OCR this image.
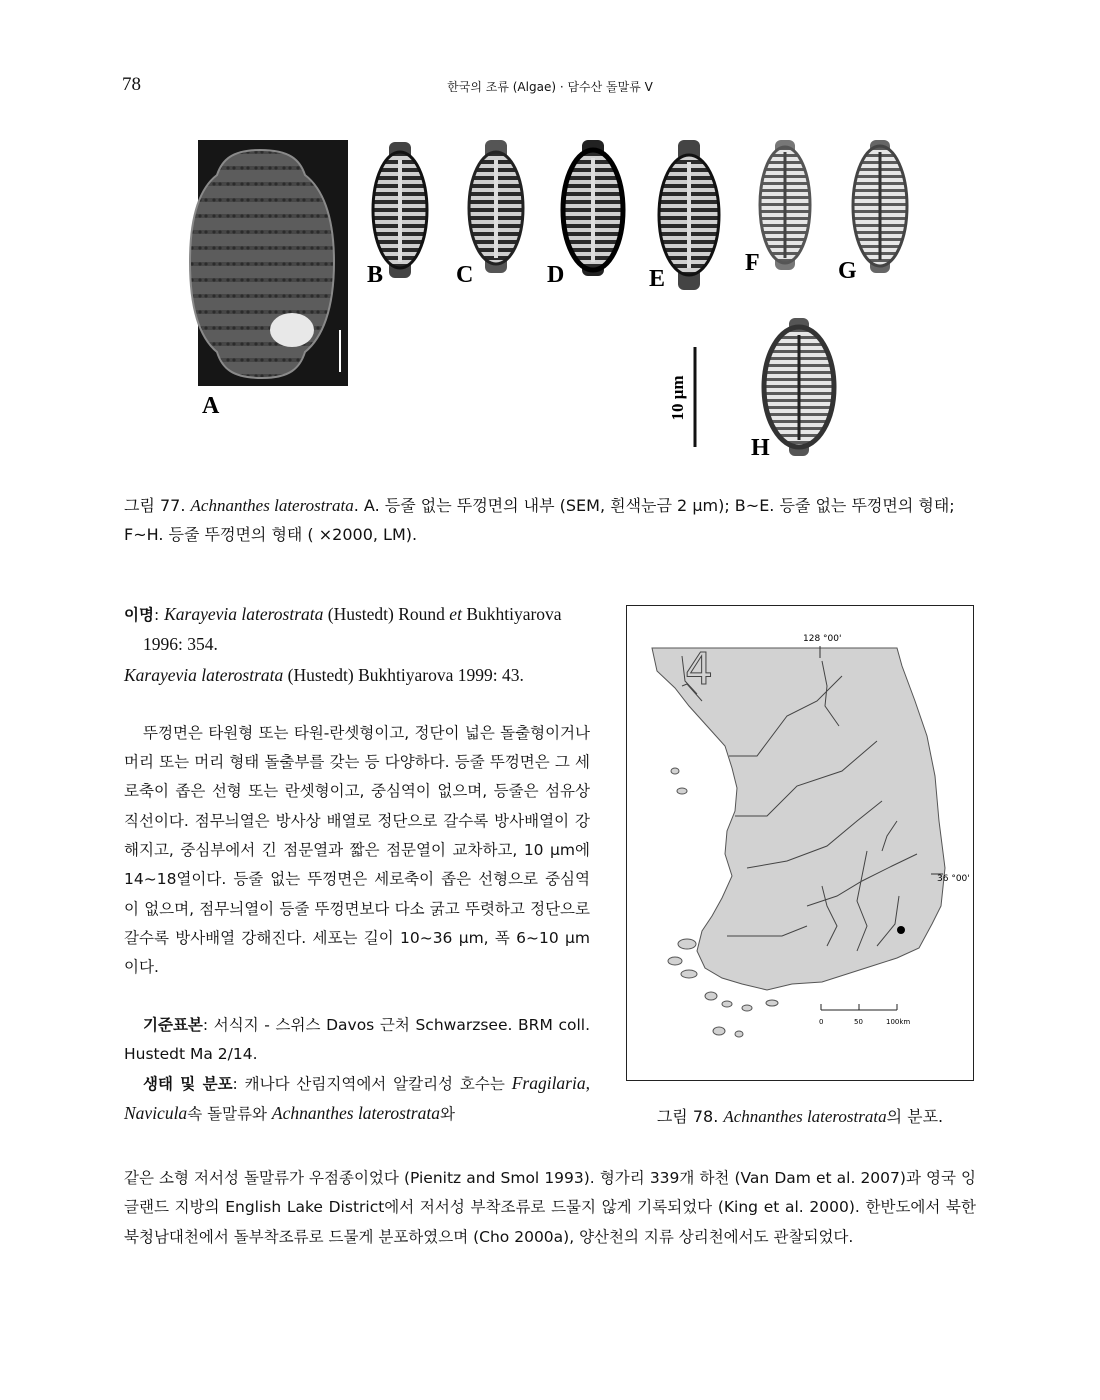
78	한국의 조류 (Algae) · 담수산 돌말류 V
10 μm
A
B	C	D	E
F	G
H
그림 77. Achnanthes laterostrata. A. 등줄 없는 뚜껑면의 내부 (SEM, 흰색눈금 2 μm); B~E. 등줄 없는 뚜껑면의 형태; F~H. 등줄 뚜껑면의 형태 ( ×2000, LM).

이명: Karayevia laterostrata (Hustedt) Round et Bukhtiyarova 1996: 354.

Karayevia laterostrata (Hustedt) Bukhtiyarova 1999: 43.

뚜껑면은 타원형 또는 타원-란셋형이고, 정단이 넓은 돌출형이거나 머리 또는 머리 형태 돌출부를 갖는 등 다양하다. 등줄 뚜껑면은 그 세로축이 좁은 선형 또는 란셋형이고, 중심역이 없으며, 등줄은 섬유상 직선이다. 점무늬열은 방사상 배열로 정단으로 갈수록 방사배열이 강해지고, 중심부에서 긴 점문열과 짧은 점문열이 교차하고, 10 μm에 14~18열이다. 등줄 없는 뚜껑면은 세로축이 좁은 선형으로 중심역이 없으며, 점무늬열이 등줄 뚜껑면보다 다소 굵고 뚜렷하고 정단으로 갈수록 방사배열 강해진다. 세포는 길이 10~36 μm, 폭 6~10 μm이다.

기준표본: 서식지 - 스위스 Davos 근처 Schwarzsee. BRM coll. Hustedt Ma 2/14.

생태 및 분포: 캐나다 산림지역에서 알칼리성 호수는 Fragilaria, Navicula속 돌말류와 Achnanthes laterostrata와

128 °00'
36 °00'
4
0	50	100km
그림 78. Achnanthes laterostrata의 분포.
같은 소형 저서성 돌말류가 우점종이었다 (Pienitz and Smol 1993). 형가리 339개 하천 (Van Dam et al. 2007)과 영국 잉글랜드 지방의 English Lake District에서 저서성 부착조류로 드물지 않게 기록되었다 (King et al. 2000). 한반도에서 북한 북청남대천에서 돌부착조류로 드물게 분포하였으며 (Cho 2000a), 양산천의 지류 상리천에서도 관찰되었다.
